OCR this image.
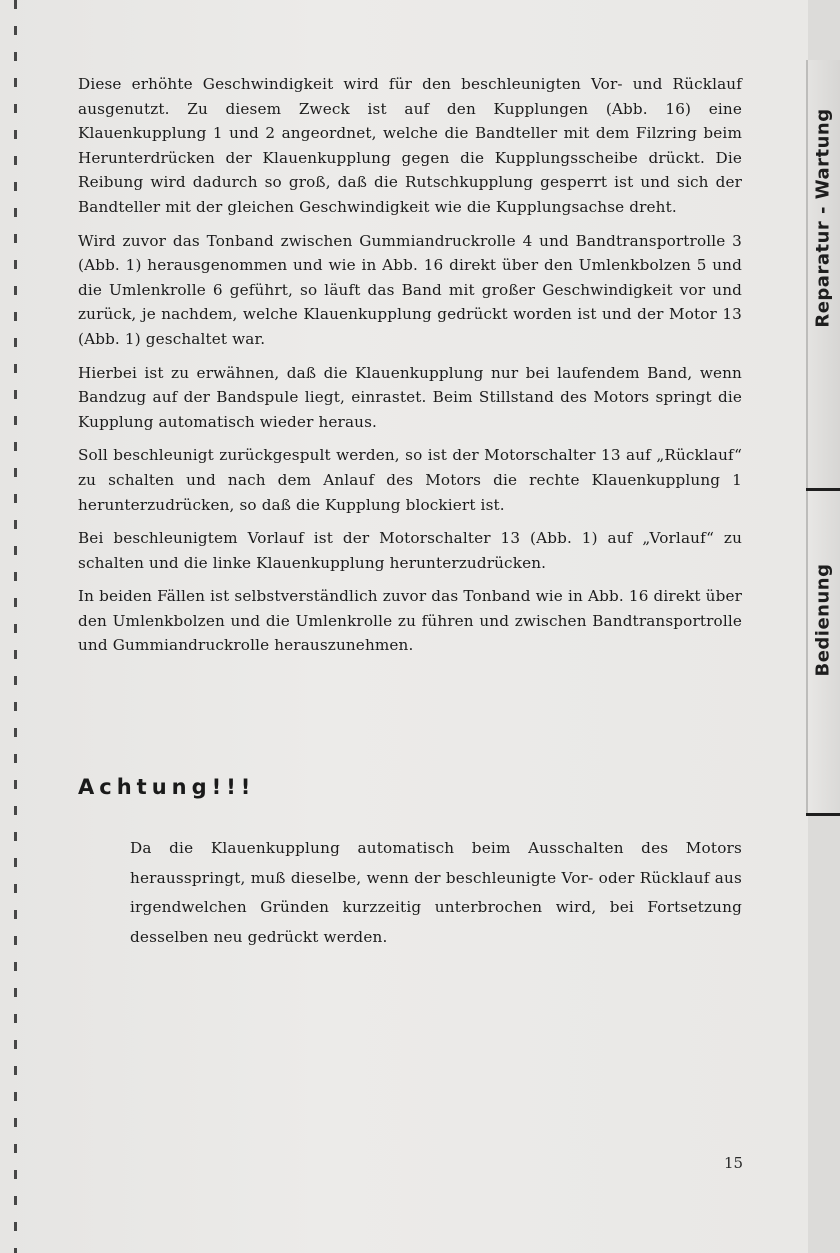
Diese erhöhte Geschwindigkeit wird für den beschleunigten Vor- und Rücklauf ausgenutzt. Zu diesem Zweck ist auf den Kupplungen (Abb. 16) eine Klauenkupplung 1 und 2 angeordnet, welche die Bandteller mit dem Filzring beim Herunterdrücken der Klauenkupplung gegen die Kupplungsscheibe drückt. Die Reibung wird dadurch so groß, daß die Rutschkupplung gesperrt ist und sich der Bandteller mit der gleichen Geschwindigkeit wie die Kupplungsachse dreht.

Wird zuvor das Tonband zwischen Gummiandruckrolle 4 und Bandtransportrolle 3 (Abb. 1) herausgenommen und wie in Abb. 16 direkt über den Umlenkbolzen 5 und die Umlenkrolle 6 geführt, so läuft das Band mit großer Geschwindigkeit vor und zurück, je nachdem, welche Klauenkupplung gedrückt worden ist und der Motor 13 (Abb. 1) geschaltet war.

Hierbei ist zu erwähnen, daß die Klauenkupplung nur bei laufendem Band, wenn Bandzug auf der Bandspule liegt, einrastet. Beim Stillstand des Motors springt die Kupplung automatisch wieder heraus.

Soll beschleunigt zurückgespult werden, so ist der Motorschalter 13 auf „Rücklauf“ zu schalten und nach dem Anlauf des Motors die rechte Klauenkupplung 1 herunterzudrücken, so daß die Kupplung blockiert ist.

Bei beschleunigtem Vorlauf ist der Motorschalter 13 (Abb. 1) auf „Vorlauf“ zu schalten und die linke Klauenkupplung herunterzudrücken.

In beiden Fällen ist selbstverständlich zuvor das Tonband wie in Abb. 16 direkt über den Umlenkbolzen und die Umlenkrolle zu führen und zwischen Bandtransportrolle und Gummiandruckrolle herauszunehmen.

Achtung!!!

Da die Klauenkupplung automatisch beim Ausschalten des Motors herausspringt, muß dieselbe, wenn der beschleunigte Vor- oder Rücklauf aus irgendwelchen Gründen kurzzeitig unterbrochen wird, bei Fortsetzung desselben neu gedrückt werden.

15
Reparatur - Wartung
Bedienung
